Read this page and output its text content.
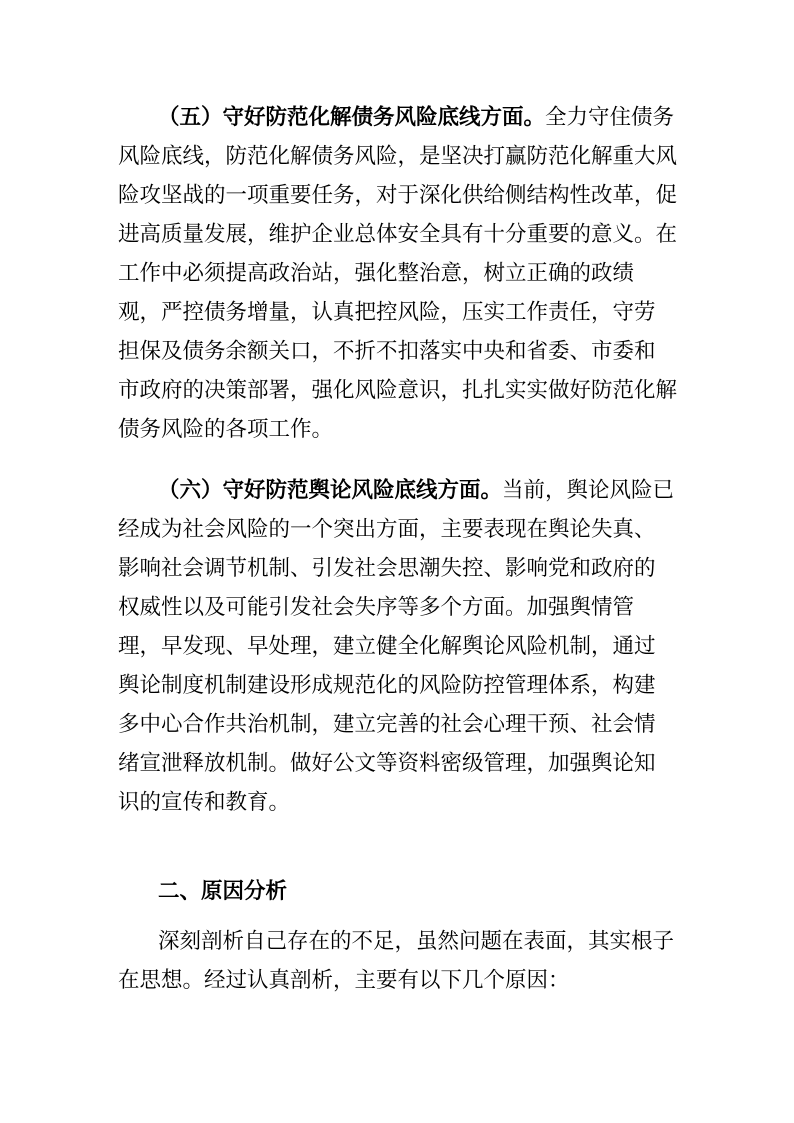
（五）守好防范化解债务风险底线方面。全力守住债务
风险底线，防范化解债务风险，是坚决打赢防范化解重大风
险攻坚战的一项重要任务，对于深化供给侧结构性改革，促
进高质量发展，维护企业总体安全具有十分重要的意义。在
工作中必须提高政治站，强化整治意，树立正确的政绩
观，严控债务增量，认真把控风险，压实工作责任，守劳
担保及债务余额关口，不折不扣落实中央和省委、市委和
市政府的决策部署，强化风险意识，扎扎实实做好防范化解
债务风险的各项工作。
（六）守好防范舆论风险底线方面。当前，舆论风险已
经成为社会风险的一个突出方面，主要表现在舆论失真、
影响社会调节机制、引发社会思潮失控、影响党和政府的
权威性以及可能引发社会失序等多个方面。加强舆情管
理，早发现、早处理，建立健全化解舆论风险机制，通过
舆论制度机制建设形成规范化的风险防控管理体系，构建
多中心合作共治机制，建立完善的社会心理干预、社会情
绪宣泄释放机制。做好公文等资料密级管理，加强舆论知
识的宣传和教育。
二、原因分析
深刻剖析自己存在的不足，虽然问题在表面，其实根子
在思想。经过认真剖析，主要有以下几个原因：
